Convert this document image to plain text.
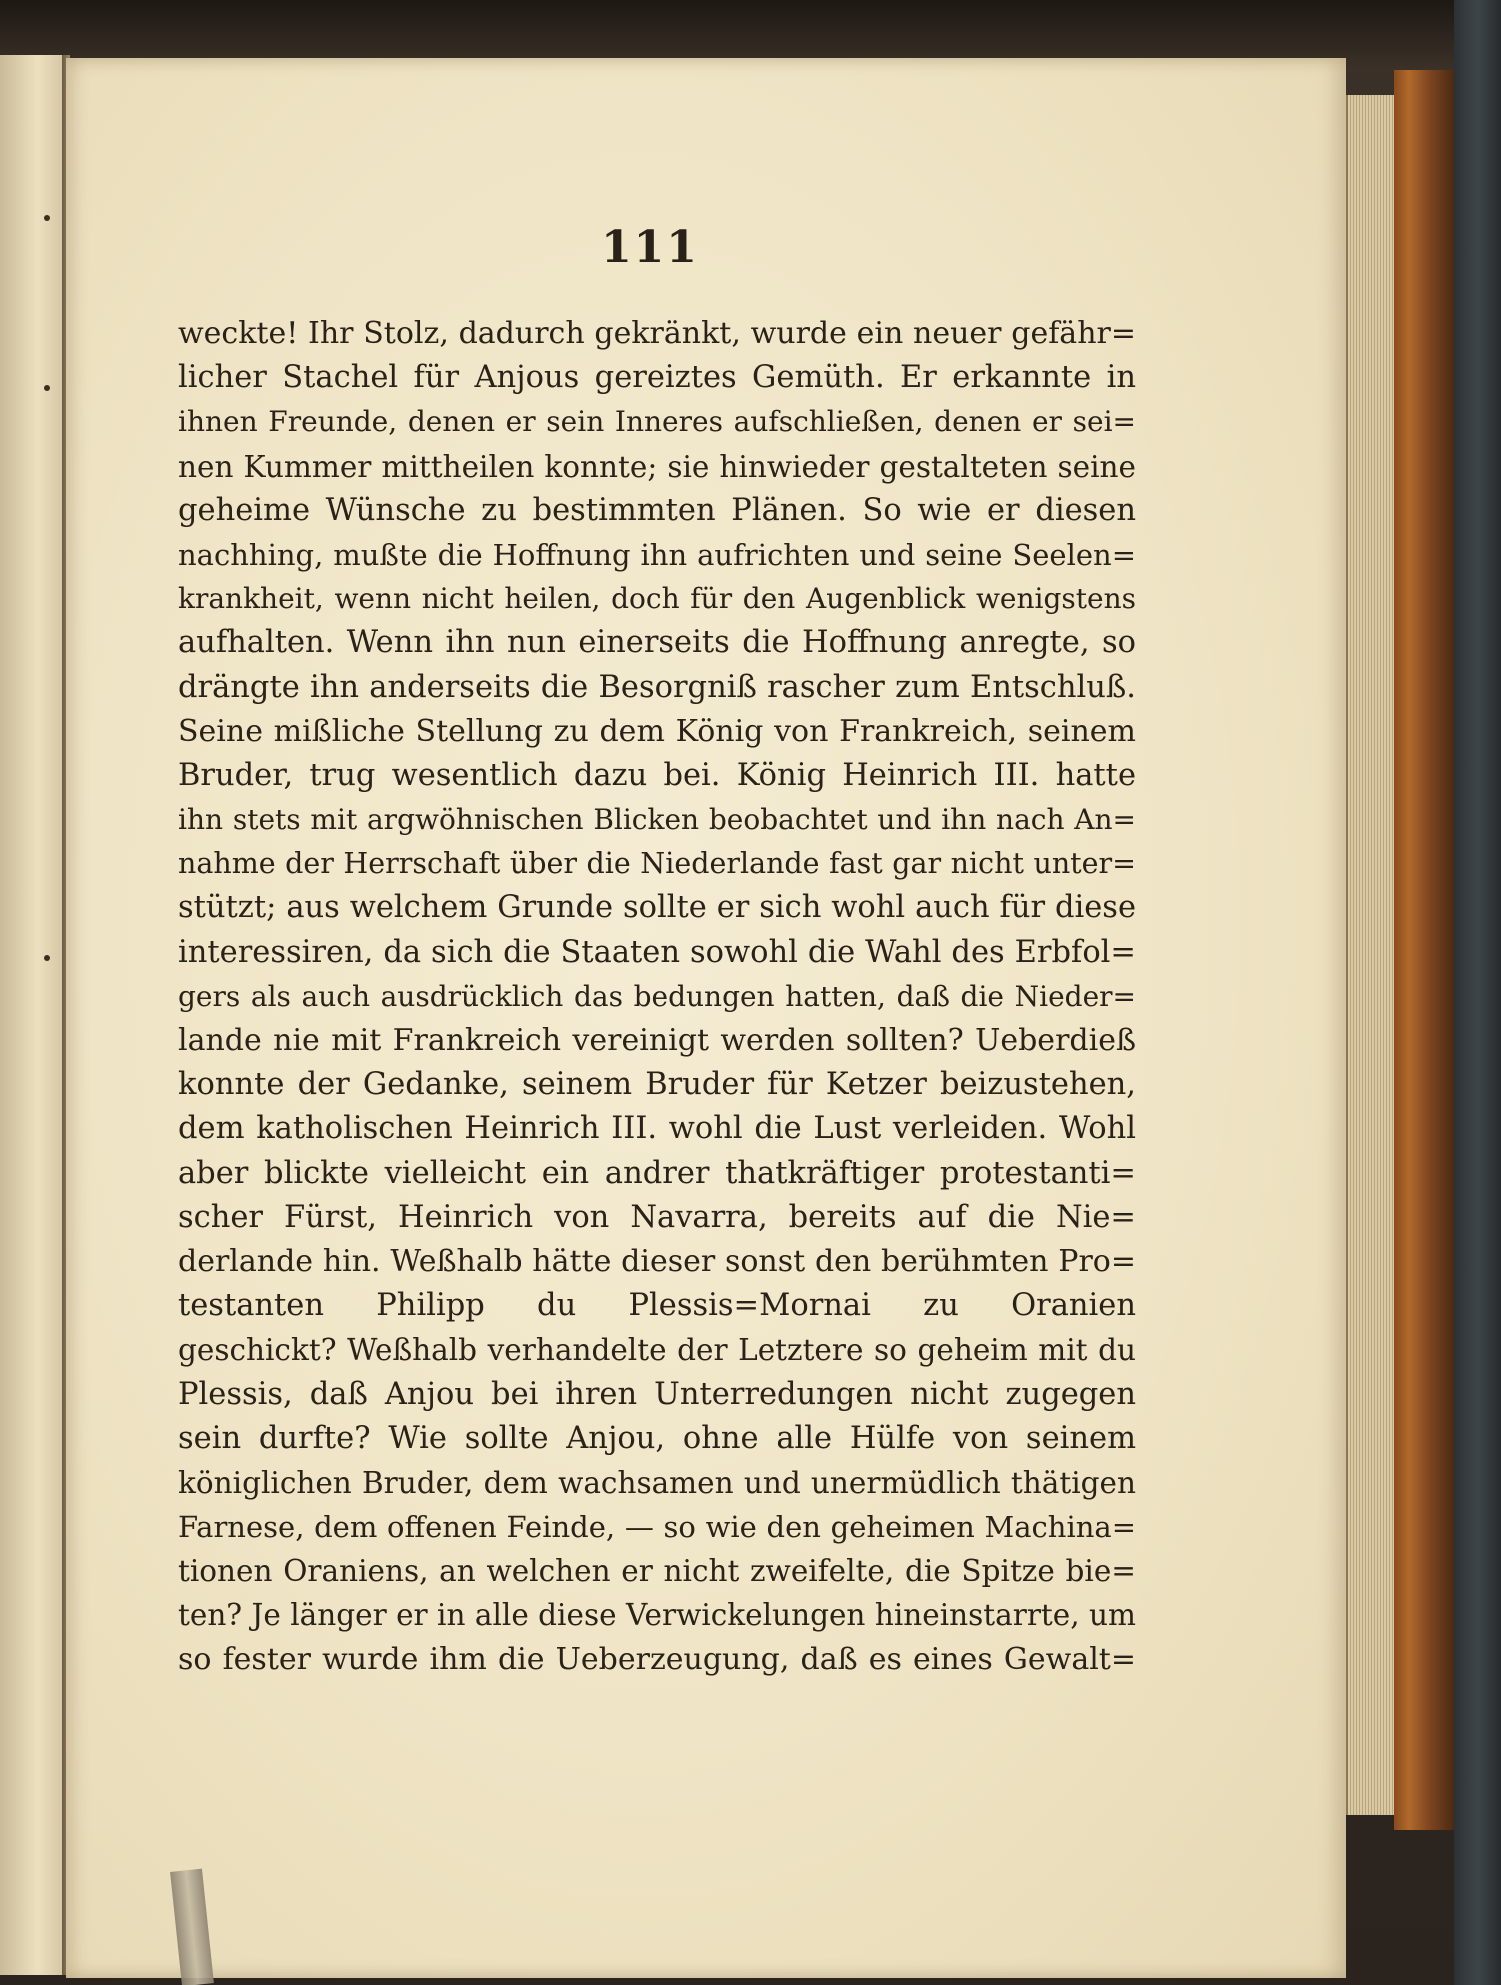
111
weckte! Ihr Stolz, dadurch gekränkt, wurde ein neuer gefähr=
licher Stachel für Anjous gereiztes Gemüth. Er erkannte in
ihnen Freunde, denen er sein Inneres aufschließen, denen er sei=
nen Kummer mittheilen konnte; sie hinwieder gestalteten seine
geheime Wünsche zu bestimmten Plänen. So wie er diesen
nachhing, mußte die Hoffnung ihn aufrichten und seine Seelen=
krankheit, wenn nicht heilen, doch für den Augenblick wenigstens
aufhalten. Wenn ihn nun einerseits die Hoffnung anregte, so
drängte ihn anderseits die Besorgniß rascher zum Entschluß.
Seine mißliche Stellung zu dem König von Frankreich, seinem
Bruder, trug wesentlich dazu bei. König Heinrich III. hatte
ihn stets mit argwöhnischen Blicken beobachtet und ihn nach An=
nahme der Herrschaft über die Niederlande fast gar nicht unter=
stützt; aus welchem Grunde sollte er sich wohl auch für diese
interessiren, da sich die Staaten sowohl die Wahl des Erbfol=
gers als auch ausdrücklich das bedungen hatten, daß die Nieder=
lande nie mit Frankreich vereinigt werden sollten? Ueberdieß
konnte der Gedanke, seinem Bruder für Ketzer beizustehen,
dem katholischen Heinrich III. wohl die Lust verleiden. Wohl
aber blickte vielleicht ein andrer thatkräftiger protestanti=
scher Fürst, Heinrich von Navarra, bereits auf die Nie=
derlande hin. Weßhalb hätte dieser sonst den berühmten Pro=
testanten Philipp du Plessis=Mornai zu Oranien
geschickt? Weßhalb verhandelte der Letztere so geheim mit du
Plessis, daß Anjou bei ihren Unterredungen nicht zugegen
sein durfte? Wie sollte Anjou, ohne alle Hülfe von seinem
königlichen Bruder, dem wachsamen und unermüdlich thätigen
Farnese, dem offenen Feinde, — so wie den geheimen Machina=
tionen Oraniens, an welchen er nicht zweifelte, die Spitze bie=
ten? Je länger er in alle diese Verwickelungen hineinstarrte, um
so fester wurde ihm die Ueberzeugung, daß es eines Gewalt=
